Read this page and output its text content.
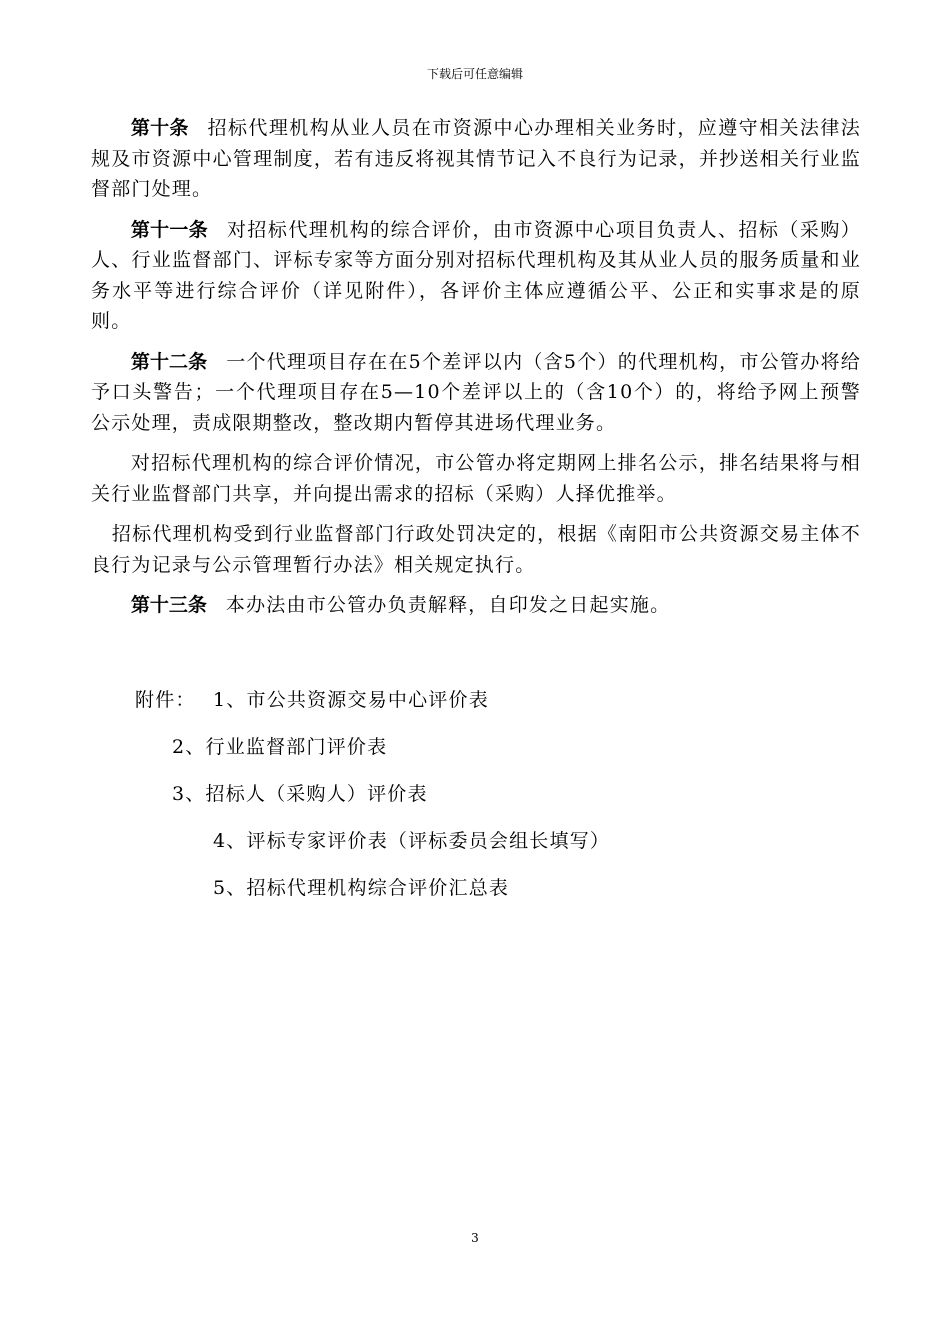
下载后可任意编辑

第十条 招标代理机构从业人员在市资源中心办理相关业务时，应遵守相关法律法规及市资源中心管理制度，若有违反将视其情节记入不良行为记录，并抄送相关行业监督部门处理。

第十一条 对招标代理机构的综合评价，由市资源中心项目负责人、招标（采购）人、行业监督部门、评标专家等方面分别对招标代理机构及其从业人员的服务质量和业务水平等进行综合评价（详见附件），各评价主体应遵循公平、公正和实事求是的原则。

第十二条 一个代理项目存在在5个差评以内（含5个）的代理机构，市公管办将给予口头警告；一个代理项目存在5—10个差评以上的（含10个）的，将给予网上预警公示处理，责成限期整改，整改期内暂停其进场代理业务。

对招标代理机构的综合评价情况，市公管办将定期网上排名公示，排名结果将与相关行业监督部门共享，并向提出需求的招标（采购）人择优推举。

招标代理机构受到行业监督部门行政处罚决定的，根据《南阳市公共资源交易主体不良行为记录与公示管理暂行办法》相关规定执行。

第十三条 本办法由市公管办负责解释，自印发之日起实施。

附件： 1、市公共资源交易中心评价表
2、行业监督部门评价表
3、招标人（采购人）评价表
4、评标专家评价表（评标委员会组长填写）
5、招标代理机构综合评价汇总表
3
